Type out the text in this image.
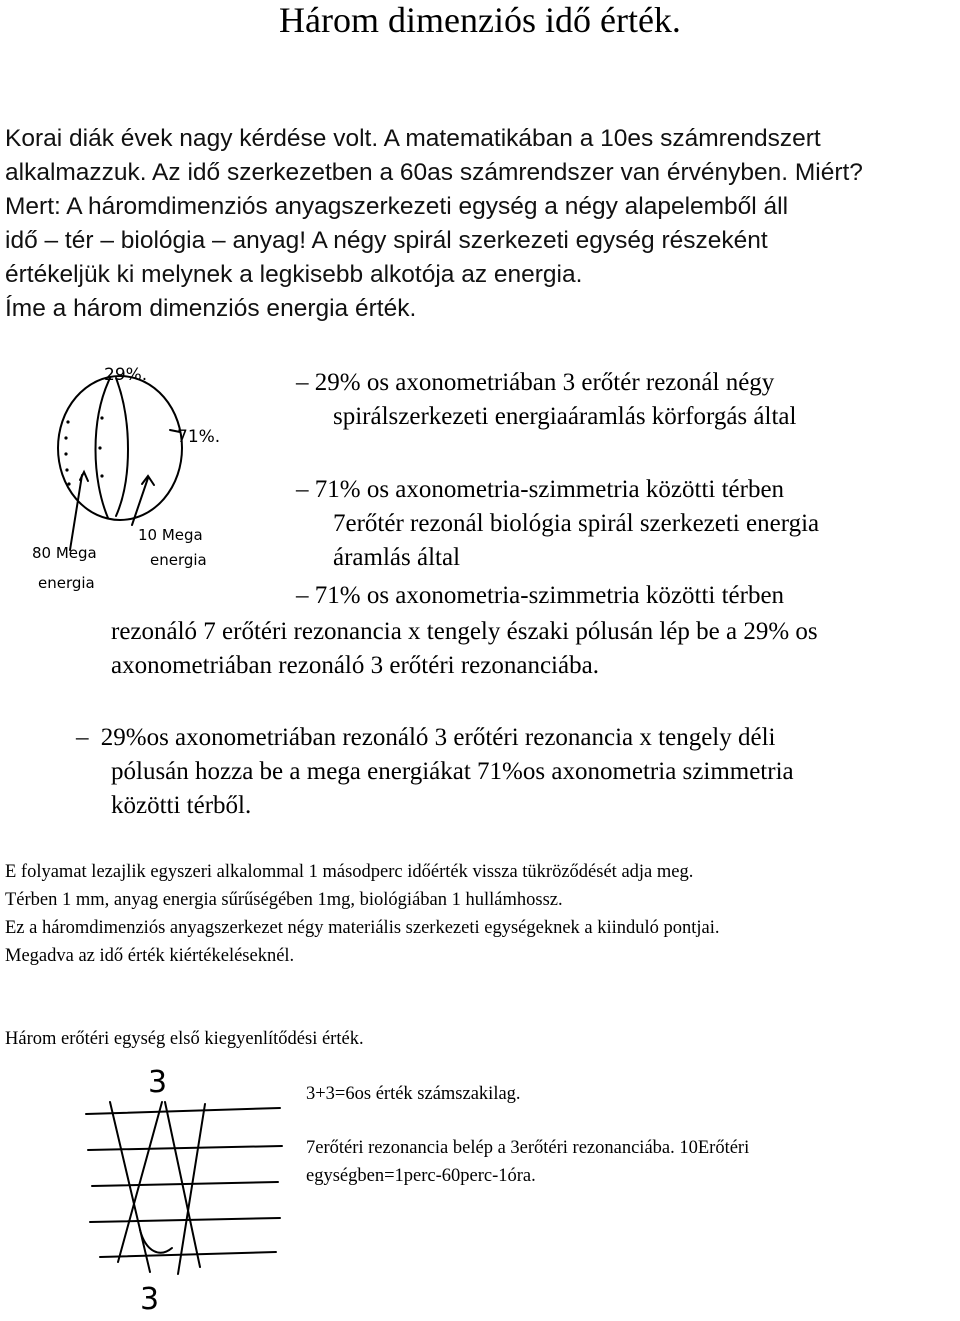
Három dimenziós idő érték.
Korai diák évek nagy kérdése volt. A matematikában a 10es számrendszert
alkalmazzuk. Az idő szerkezetben a 60as számrendszer van érvényben. Miért?
Mert: A háromdimenziós anyagszerkezeti egység a négy alapelemből áll
idő – tér – biológia – anyag! A négy spirál szerkezeti egység részeként
értékeljük ki melynek a legkisebb alkotója az energia.
Íme a három dimenziós energia érték.
29%.
71%.
10 Mega
energia
80 Mega
energia
– 29% os axonometriában 3 erőtér rezonál négy
spirálszerkezeti energiaáramlás körforgás által
– 71% os axonometria-szimmetria közötti térben
7erőtér rezonál biológia spirál szerkezeti energia
áramlás által
– 71% os axonometria-szimmetria közötti térben
rezonáló 7 erőtéri rezonancia x tengely északi pólusán lép be a 29% os
axonometriában rezonáló 3 erőtéri rezonanciába.
– 29%os axonometriában rezonáló 3 erőtéri rezonancia x tengely déli
pólusán hozza be a mega energiákat 71%os axonometria szimmetria
közötti térből.
E folyamat lezajlik egyszeri alkalommal 1 másodperc időérték vissza tükröződését adja meg.
Térben 1 mm, anyag energia sűrűségében 1mg, biológiában 1 hullámhossz.
Ez a háromdimenziós anyagszerkezet négy materiális szerkezeti egységeknek a kiinduló pontjai.
Megadva az idő érték kiértékeléseknél.
Három erőtéri egység első kiegyenlítődési érték.
3
3
3+3=6os érték számszakilag.
7erőtéri rezonancia belép a 3erőtéri rezonanciába. 10Erőtéri
egységben=1perc-60perc-1óra.
